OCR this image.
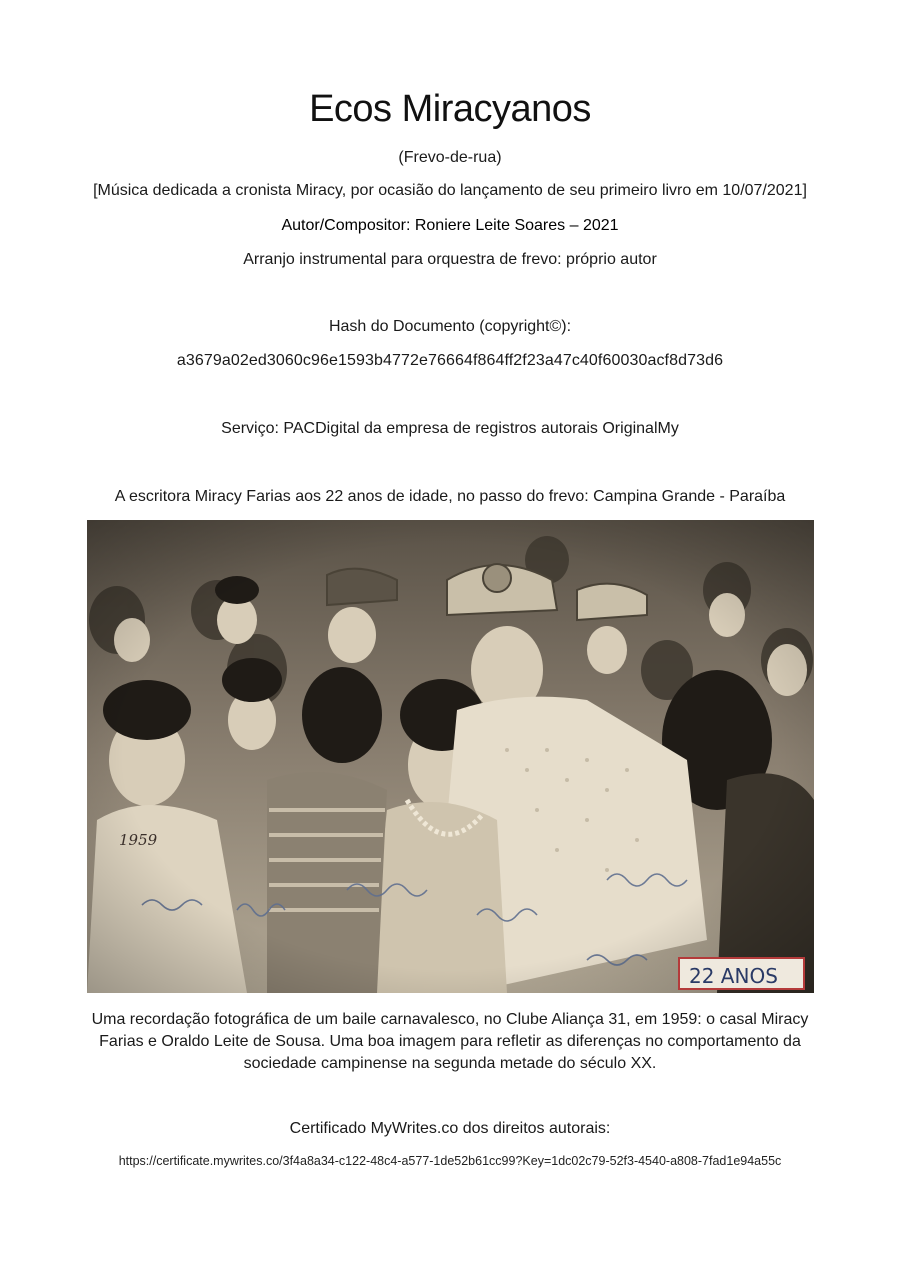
Ecos Miracyanos
(Frevo-de-rua)
[Música dedicada a cronista Miracy, por ocasião do lançamento de seu primeiro livro em 10/07/2021]
Autor/Compositor: Roniere Leite Soares – 2021
Arranjo instrumental para orquestra de frevo: próprio autor
Hash do Documento (copyright©):
a3679a02ed3060c96e1593b4772e76664f864ff2f23a47c40f60030acf8d73d6
Serviço: PACDigital da empresa de registros autorais OriginalMy
A escritora Miracy Farias aos 22 anos de idade, no passo do frevo: Campina Grande - Paraíba
1959
22 ANOS
Uma recordação fotográfica de um baile carnavalesco, no Clube Aliança 31, em 1959: o casal Miracy Farias e Oraldo Leite de Sousa. Uma boa imagem para refletir as diferenças no comportamento da sociedade campinense na segunda metade do século XX.
Certificado MyWrites.co dos direitos autorais:
https://certificate.mywrites.co/3f4a8a34-c122-48c4-a577-1de52b61cc99?Key=1dc02c79-52f3-4540-a808-7fad1e94a55c
